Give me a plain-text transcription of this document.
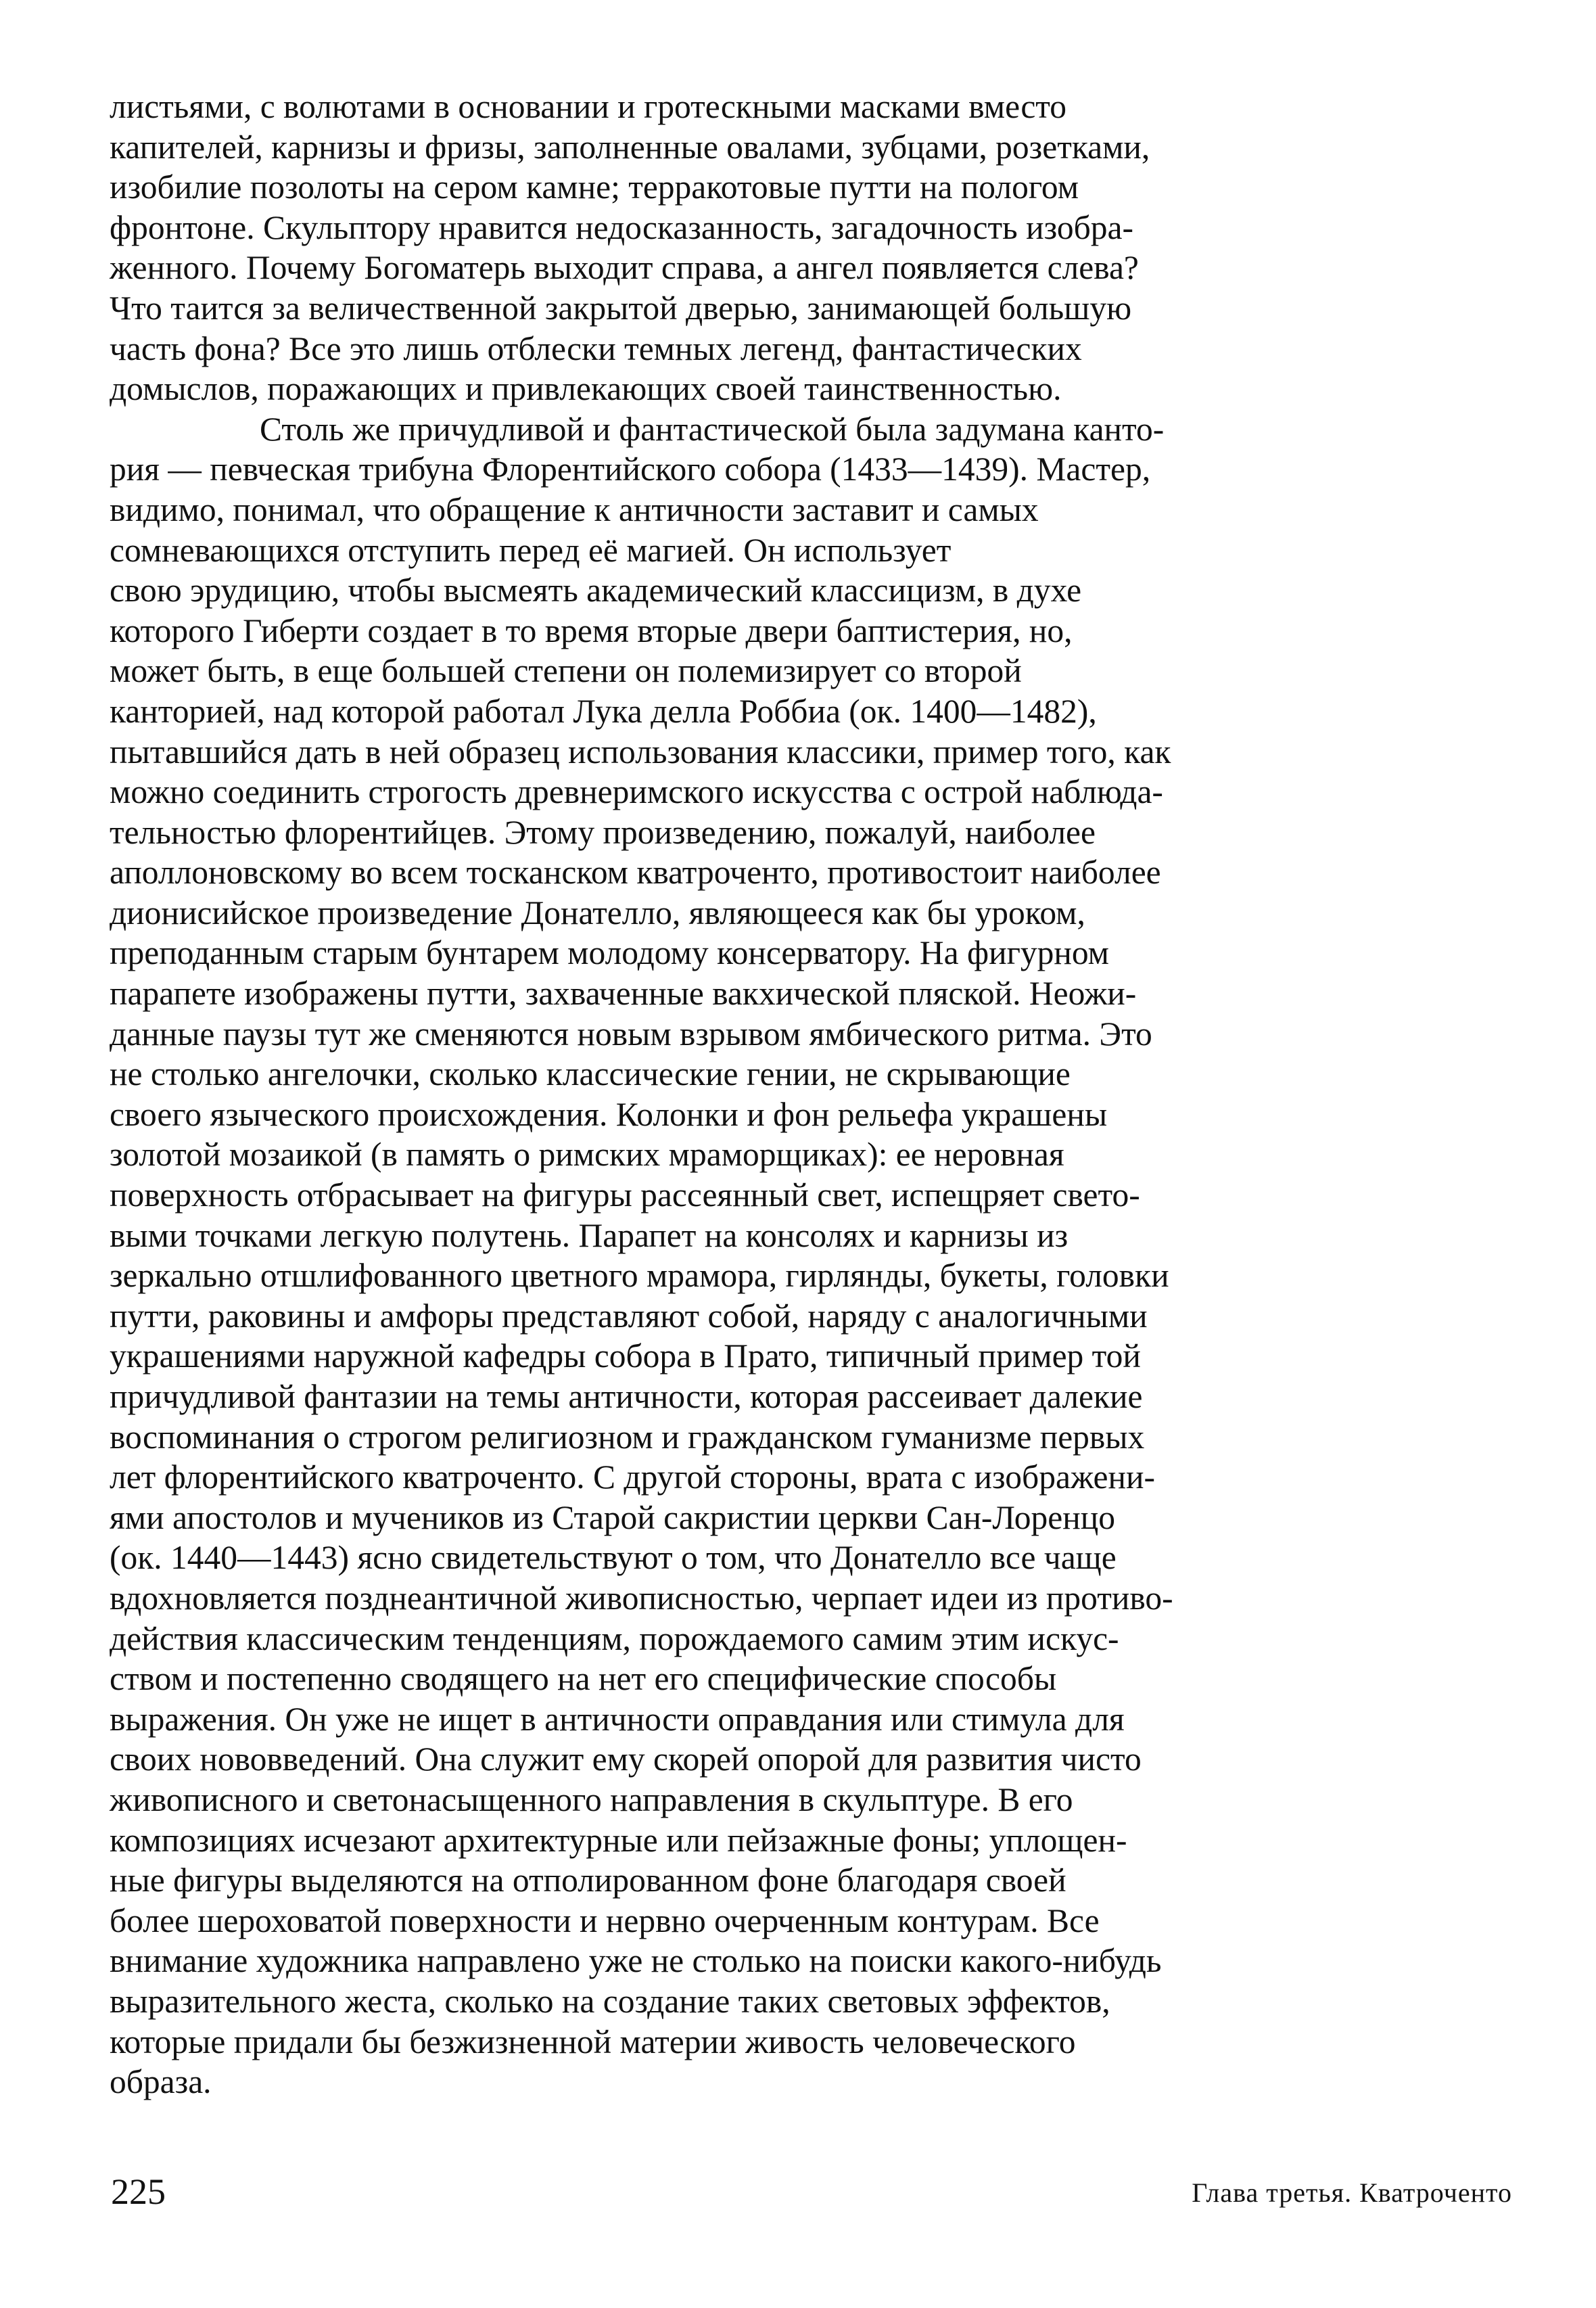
листьями, с волютами в основании и гротескными масками вместо
капителей, карнизы и фризы, заполненные овалами, зубцами, розетками,
изобилие позолоты на сером камне; терракотовые путти на пологом
фронтоне. Скульптору нравится недосказанность, загадочность изобра-
женного. Почему Богоматерь выходит справа, а ангел появляется слева?
Что таится за величественной закрытой дверью, занимающей большую
часть фона? Все это лишь отблески темных легенд, фантастических
домыслов, поражающих и привлекающих своей таинственностью.
Столь же причудливой и фантастической была задумана канто-
рия — певческая трибуна Флорентийского собора (1433—1439). Мастер,
видимо, понимал, что обращение к античности заставит и самых
сомневающихся отступить перед её магией. Он использует
свою эрудицию, чтобы высмеять академический классицизм, в духе
которого Гиберти создает в то время вторые двери баптистерия, но,
может быть, в еще большей степени он полемизирует со второй
канторией, над которой работал Лука делла Роббиа (ок. 1400—1482),
пытавшийся дать в ней образец использования классики, пример того, как
можно соединить строгость древнеримского искусства с острой наблюда-
тельностью флорентийцев. Этому произведению, пожалуй, наиболее
аполлоновскому во всем тосканском кватроченто, противостоит наиболее
дионисийское произведение Донателло, являющееся как бы уроком,
преподанным старым бунтарем молодому консерватору. На фигурном
парапете изображены путти, захваченные вакхической пляской. Неожи-
данные паузы тут же сменяются новым взрывом ямбического ритма. Это
не столько ангелочки, сколько классические гении, не скрывающие
своего языческого происхождения. Колонки и фон рельефа украшены
золотой мозаикой (в память о римских мраморщиках): ее неровная
поверхность отбрасывает на фигуры рассеянный свет, испещряет свето-
выми точками легкую полутень. Парапет на консолях и карнизы из
зеркально отшлифованного цветного мрамора, гирлянды, букеты, головки
путти, раковины и амфоры представляют собой, наряду с аналогичными
украшениями наружной кафедры собора в Прато, типичный пример той
причудливой фантазии на темы античности, которая рассеивает далекие
воспоминания о строгом религиозном и гражданском гуманизме первых
лет флорентийского кватроченто. С другой стороны, врата с изображени-
ями апостолов и мучеников из Старой сакристии церкви Сан-Лоренцо
(ок. 1440—1443) ясно свидетельствуют о том, что Донателло все чаще
вдохновляется позднеантичной живописностью, черпает идеи из противо-
действия классическим тенденциям, порождаемого самим этим искус-
ством и постепенно сводящего на нет его специфические способы
выражения. Он уже не ищет в античности оправдания или стимула для
своих нововведений. Она служит ему скорей опорой для развития чисто
живописного и светонасыщенного направления в скульптуре. В его
композициях исчезают архитектурные или пейзажные фоны; уплощен-
ные фигуры выделяются на отполированном фоне благодаря своей
более шероховатой поверхности и нервно очерченным контурам. Все
внимание художника направлено уже не столько на поиски какого-нибудь
выразительного жеста, сколько на создание таких световых эффектов,
которые придали бы безжизненной материи живость человеческого
образа.
225	Глава третья. Кватроченто
